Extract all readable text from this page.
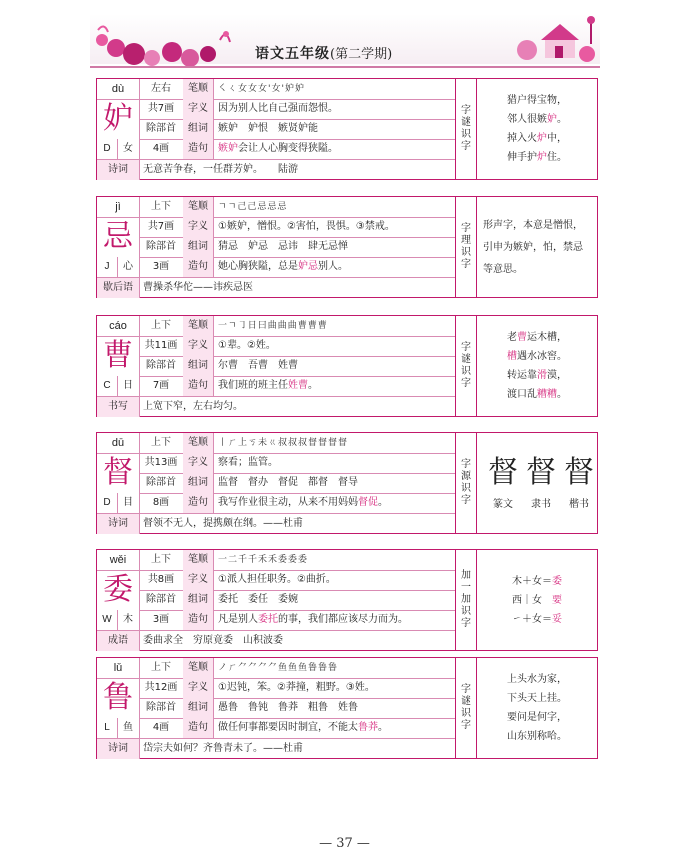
语文五年级(第二学期)
dù	左右	笔顺	㇛ㄑ女女女'女'妒妒
妒	共7画	字义	因为别人比自己强而怨恨。
除部首	组词	嫉妒　妒恨　嫉贤妒能
D	女	4画	造句	嫉妒会让人心胸变得狭隘。
诗词	无意苦争春，一任群芳妒。　　陆游
字
谜
识
字
猎户得宝物，
邻人很嫉妒。
掉入火炉中，
伸手护炉住。
jì	上下	笔顺	ㄱㄱ己己忌忌忌
忌	共7画	字义	①嫉妒，憎恨。②害怕，畏惧。③禁戒。
除部首	组词	猜忌　妒忌　忌讳　肆无忌惮
J	心	3画	造句	她心胸狭隘，总是妒忌别人。
歇后语	曹操杀华佗——讳疾忌医
字
理
识
字
形声字，本意是憎恨，引申为嫉妒，怕，禁忌等意思。
cáo	上下	笔顺	一ㄱ㇆日曰曲曲曲曹曹曹
曹	共11画	字义	①辈。②姓。
除部首	组词	尔曹　吾曹　姓曹
C	日	7画	造句	我们班的班主任姓曹。
书写	上宽下窄，左右均匀。
字
谜
识
字
老曹运木槽，
槽遇水冰窖。
转运靠滑漠，
渡口乱糟糟。
dū	上下	笔顺	丨ㄏ上ㄎ未ㄍ叔叔叔督督督督
督	共13画	字义	察看；监管。
除部首	组词	监督　督办　督促　都督　督导
D	目	8画	造句	我写作业很主动，从来不用妈妈督促。
诗词	督领不无人，提携颇在纲。——杜甫
字
源
识
字
督
篆文
督
隶书
督
楷书
wěi	上下	笔顺	一二千千禾禾委委委
委	共8画	字义	①派人担任职务。②曲折。
除部首	组词	委托　委任　委婉
W	木	3画	造句	凡是别人委托的事，我们都应该尽力而为。
成语	委曲求全　穷原竟委　山积波委
加
一
加
识
字
木＋女＝委
西｜女　要
㇀＋女＝妥
lǔ	上下	笔顺	ノㄏ⺈⺈⺈⺈鱼鱼鱼鲁鲁鲁
鲁	共12画	字义	①迟钝，笨。②莽撞，粗野。③姓。
除部首	组词	愚鲁　鲁钝　鲁莽　粗鲁　姓鲁
L	鱼	4画	造句	做任何事都要因时制宜，不能太鲁莽。
诗词	岱宗夫如何？齐鲁青未了。——杜甫
字
谜
识
字
上头水为家，
下头天上挂。
要问是何字，
山东别称哈。
— 37 —
